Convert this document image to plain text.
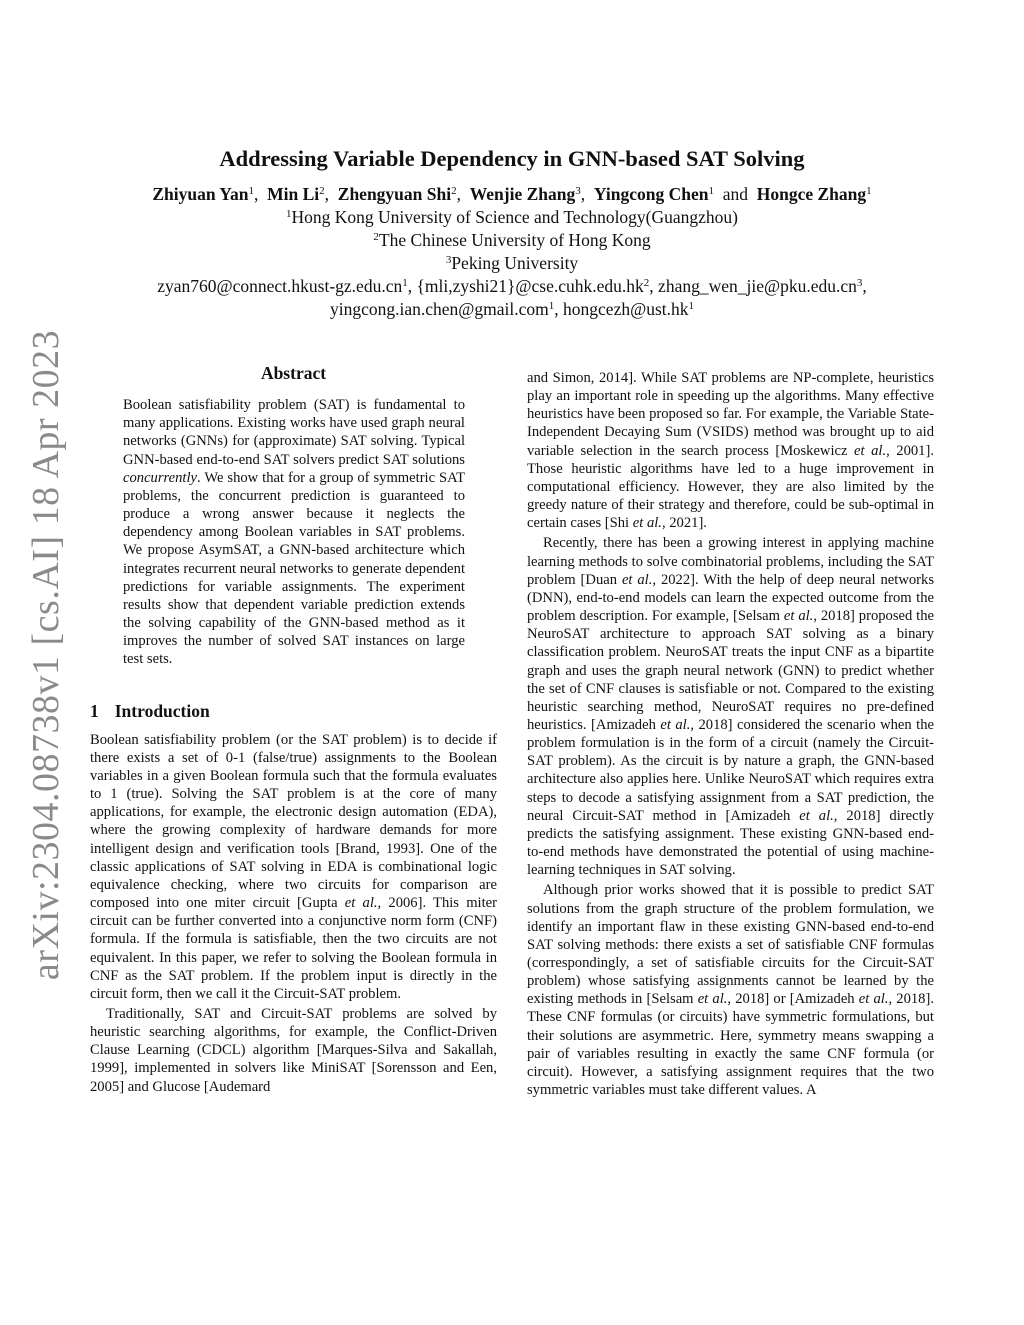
arXiv:2304.08738v1 [cs.AI] 18 Apr 2023
Addressing Variable Dependency in GNN-based SAT Solving
Zhiyuan Yan$^1$,  Min Li$^2$,  Zhengyuan Shi$^2$,  Wenjie Zhang$^3$,  Yingcong Chen$^1$ and Hongce Zhang$^1$
$^1$Hong Kong University of Science and Technology(Guangzhou)
$^2$The Chinese University of Hong Kong
$^3$Peking University
$zyan760@connect.hkust-gz.edu.cn^1$, $\{mli,zyshi21\}@cse.cuhk.edu.hk^2$, $zhang\_wen\_jie@pku.edu.cn^3$,
yingcong.ian.chen@gmail.com$^1$, $hongcezh@ust.hk^1$
Abstract
Boolean satisfiability problem (SAT) is fundamental to many applications. Existing works have used graph neural networks (GNNs) for (approximate) SAT solving. Typical GNN-based end-to-end SAT solvers predict SAT solutions concurrently. We show that for a group of symmetric SAT problems, the concurrent prediction is guaranteed to produce a wrong answer because it neglects the dependency among Boolean variables in SAT problems. We propose AsymSAT, a GNN-based architecture which integrates recurrent neural networks to generate dependent predictions for variable assignments. The experiment results show that dependent variable prediction extends the solving capability of the GNN-based method as it improves the number of solved SAT instances on large test sets.
1 Introduction

Boolean satisfiability problem (or the SAT problem) is to decide if there exists a set of 0-1 (false/true) assignments to the Boolean variables in a given Boolean formula such that the formula evaluates to 1 (true). Solving the SAT problem is at the core of many applications, for example, the electronic design automation (EDA), where the growing complexity of hardware demands for more intelligent design and verification tools [Brand, 1993]. One of the classic applications of SAT solving in EDA is combinational logic equivalence checking, where two circuits for comparison are composed into one miter circuit [Gupta et al., 2006]. This miter circuit can be further converted into a conjunctive norm form (CNF) formula. If the formula is satisfiable, then the two circuits are not equivalent. In this paper, we refer to solving the Boolean formula in CNF as the SAT problem. If the problem input is directly in the circuit form, then we call it the Circuit-SAT problem.

Traditionally, SAT and Circuit-SAT problems are solved by heuristic searching algorithms, for example, the Conflict-Driven Clause Learning (CDCL) algorithm [Marques-Silva and Sakallah, 1999], implemented in solvers like MiniSAT [Sorensson and Een, 2005] and Glucose [Audemard

and Simon, 2014]. While SAT problems are NP-complete, heuristics play an important role in speeding up the algorithms. Many effective heuristics have been proposed so far. For example, the Variable State-Independent Decaying Sum (VSIDS) method was brought up to aid variable selection in the search process [Moskewicz et al., 2001]. Those heuristic algorithms have led to a huge improvement in computational efficiency. However, they are also limited by the greedy nature of their strategy and therefore, could be sub-optimal in certain cases [Shi et al., 2021].

Recently, there has been a growing interest in applying machine learning methods to solve combinatorial problems, including the SAT problem [Duan et al., 2022]. With the help of deep neural networks (DNN), end-to-end models can learn the expected outcome from the problem description. For example, [Selsam et al., 2018] proposed the NeuroSAT architecture to approach SAT solving as a binary classification problem. NeuroSAT treats the input CNF as a bipartite graph and uses the graph neural network (GNN) to predict whether the set of CNF clauses is satisfiable or not. Compared to the existing heuristic searching method, NeuroSAT requires no pre-defined heuristics. [Amizadeh et al., 2018] considered the scenario when the problem formulation is in the form of a circuit (namely the Circuit-SAT problem). As the circuit is by nature a graph, the GNN-based architecture also applies here. Unlike NeuroSAT which requires extra steps to decode a satisfying assignment from a SAT prediction, the neural Circuit-SAT method in [Amizadeh et al., 2018] directly predicts the satisfying assignment. These existing GNN-based end-to-end methods have demonstrated the potential of using machine-learning techniques in SAT solving.

Although prior works showed that it is possible to predict SAT solutions from the graph structure of the problem formulation, we identify an important flaw in these existing GNN-based end-to-end SAT solving methods: there exists a set of satisfiable CNF formulas (correspondingly, a set of satisfiable circuits for the Circuit-SAT problem) whose satisfying assignments cannot be learned by the existing methods in [Selsam et al., 2018] or [Amizadeh et al., 2018]. These CNF formulas (or circuits) have symmetric formulations, but their solutions are asymmetric. Here, symmetry means swapping a pair of variables resulting in exactly the same CNF formula (or circuit). However, a satisfying assignment requires that the two symmetric variables must take different values. A
